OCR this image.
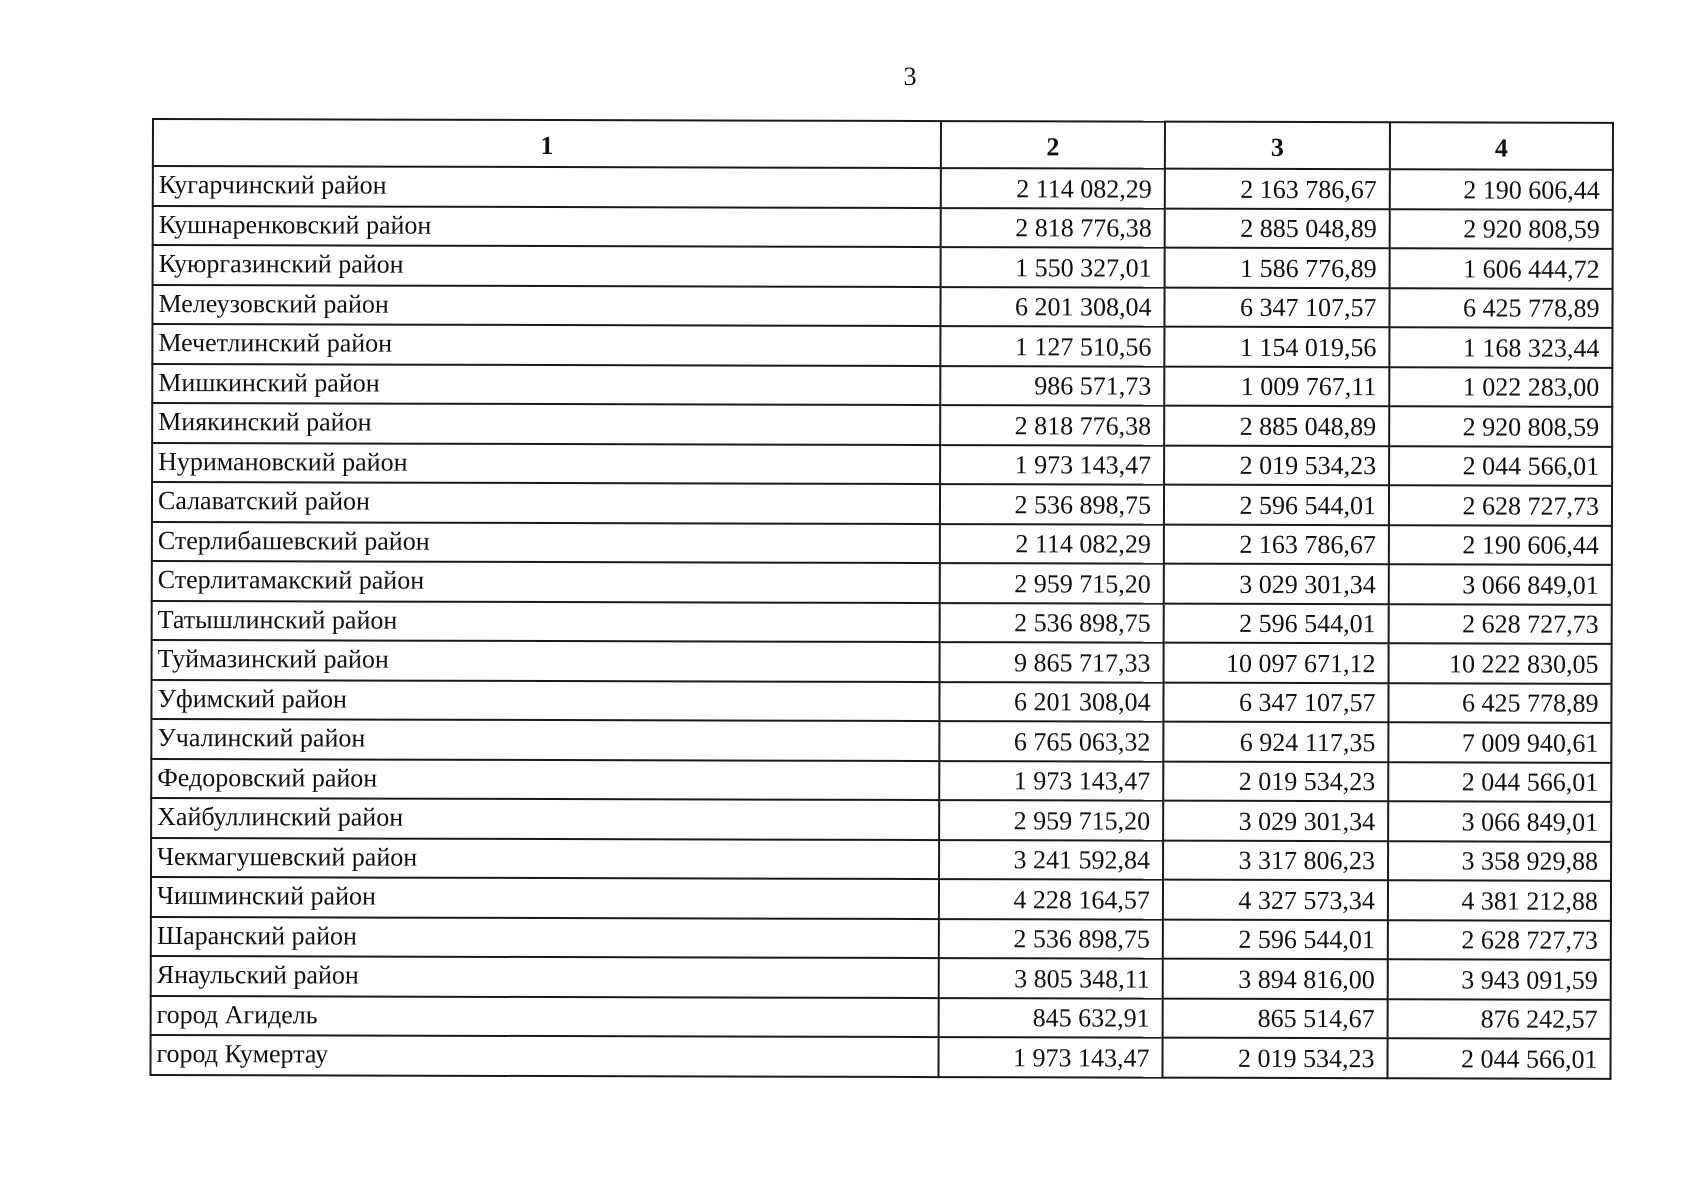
3
1	2	3	4
Кугарчинский район	2 114 082,29	2 163 786,67	2 190 606,44
Кушнаренковский район	2 818 776,38	2 885 048,89	2 920 808,59
Куюргазинский район	1 550 327,01	1 586 776,89	1 606 444,72
Мелеузовский район	6 201 308,04	6 347 107,57	6 425 778,89
Мечетлинский район	1 127 510,56	1 154 019,56	1 168 323,44
Мишкинский район	986 571,73	1 009 767,11	1 022 283,00
Миякинский район	2 818 776,38	2 885 048,89	2 920 808,59
Нуримановский район	1 973 143,47	2 019 534,23	2 044 566,01
Салаватский район	2 536 898,75	2 596 544,01	2 628 727,73
Стерлибашевский район	2 114 082,29	2 163 786,67	2 190 606,44
Стерлитамакский район	2 959 715,20	3 029 301,34	3 066 849,01
Татышлинский район	2 536 898,75	2 596 544,01	2 628 727,73
Туймазинский район	9 865 717,33	10 097 671,12	10 222 830,05
Уфимский район	6 201 308,04	6 347 107,57	6 425 778,89
Учалинский район	6 765 063,32	6 924 117,35	7 009 940,61
Федоровский район	1 973 143,47	2 019 534,23	2 044 566,01
Хайбуллинский район	2 959 715,20	3 029 301,34	3 066 849,01
Чекмагушевский район	3 241 592,84	3 317 806,23	3 358 929,88
Чишминский район	4 228 164,57	4 327 573,34	4 381 212,88
Шаранский район	2 536 898,75	2 596 544,01	2 628 727,73
Янаульский район	3 805 348,11	3 894 816,00	3 943 091,59
город Агидель	845 632,91	865 514,67	876 242,57
город Кумертау	1 973 143,47	2 019 534,23	2 044 566,01
